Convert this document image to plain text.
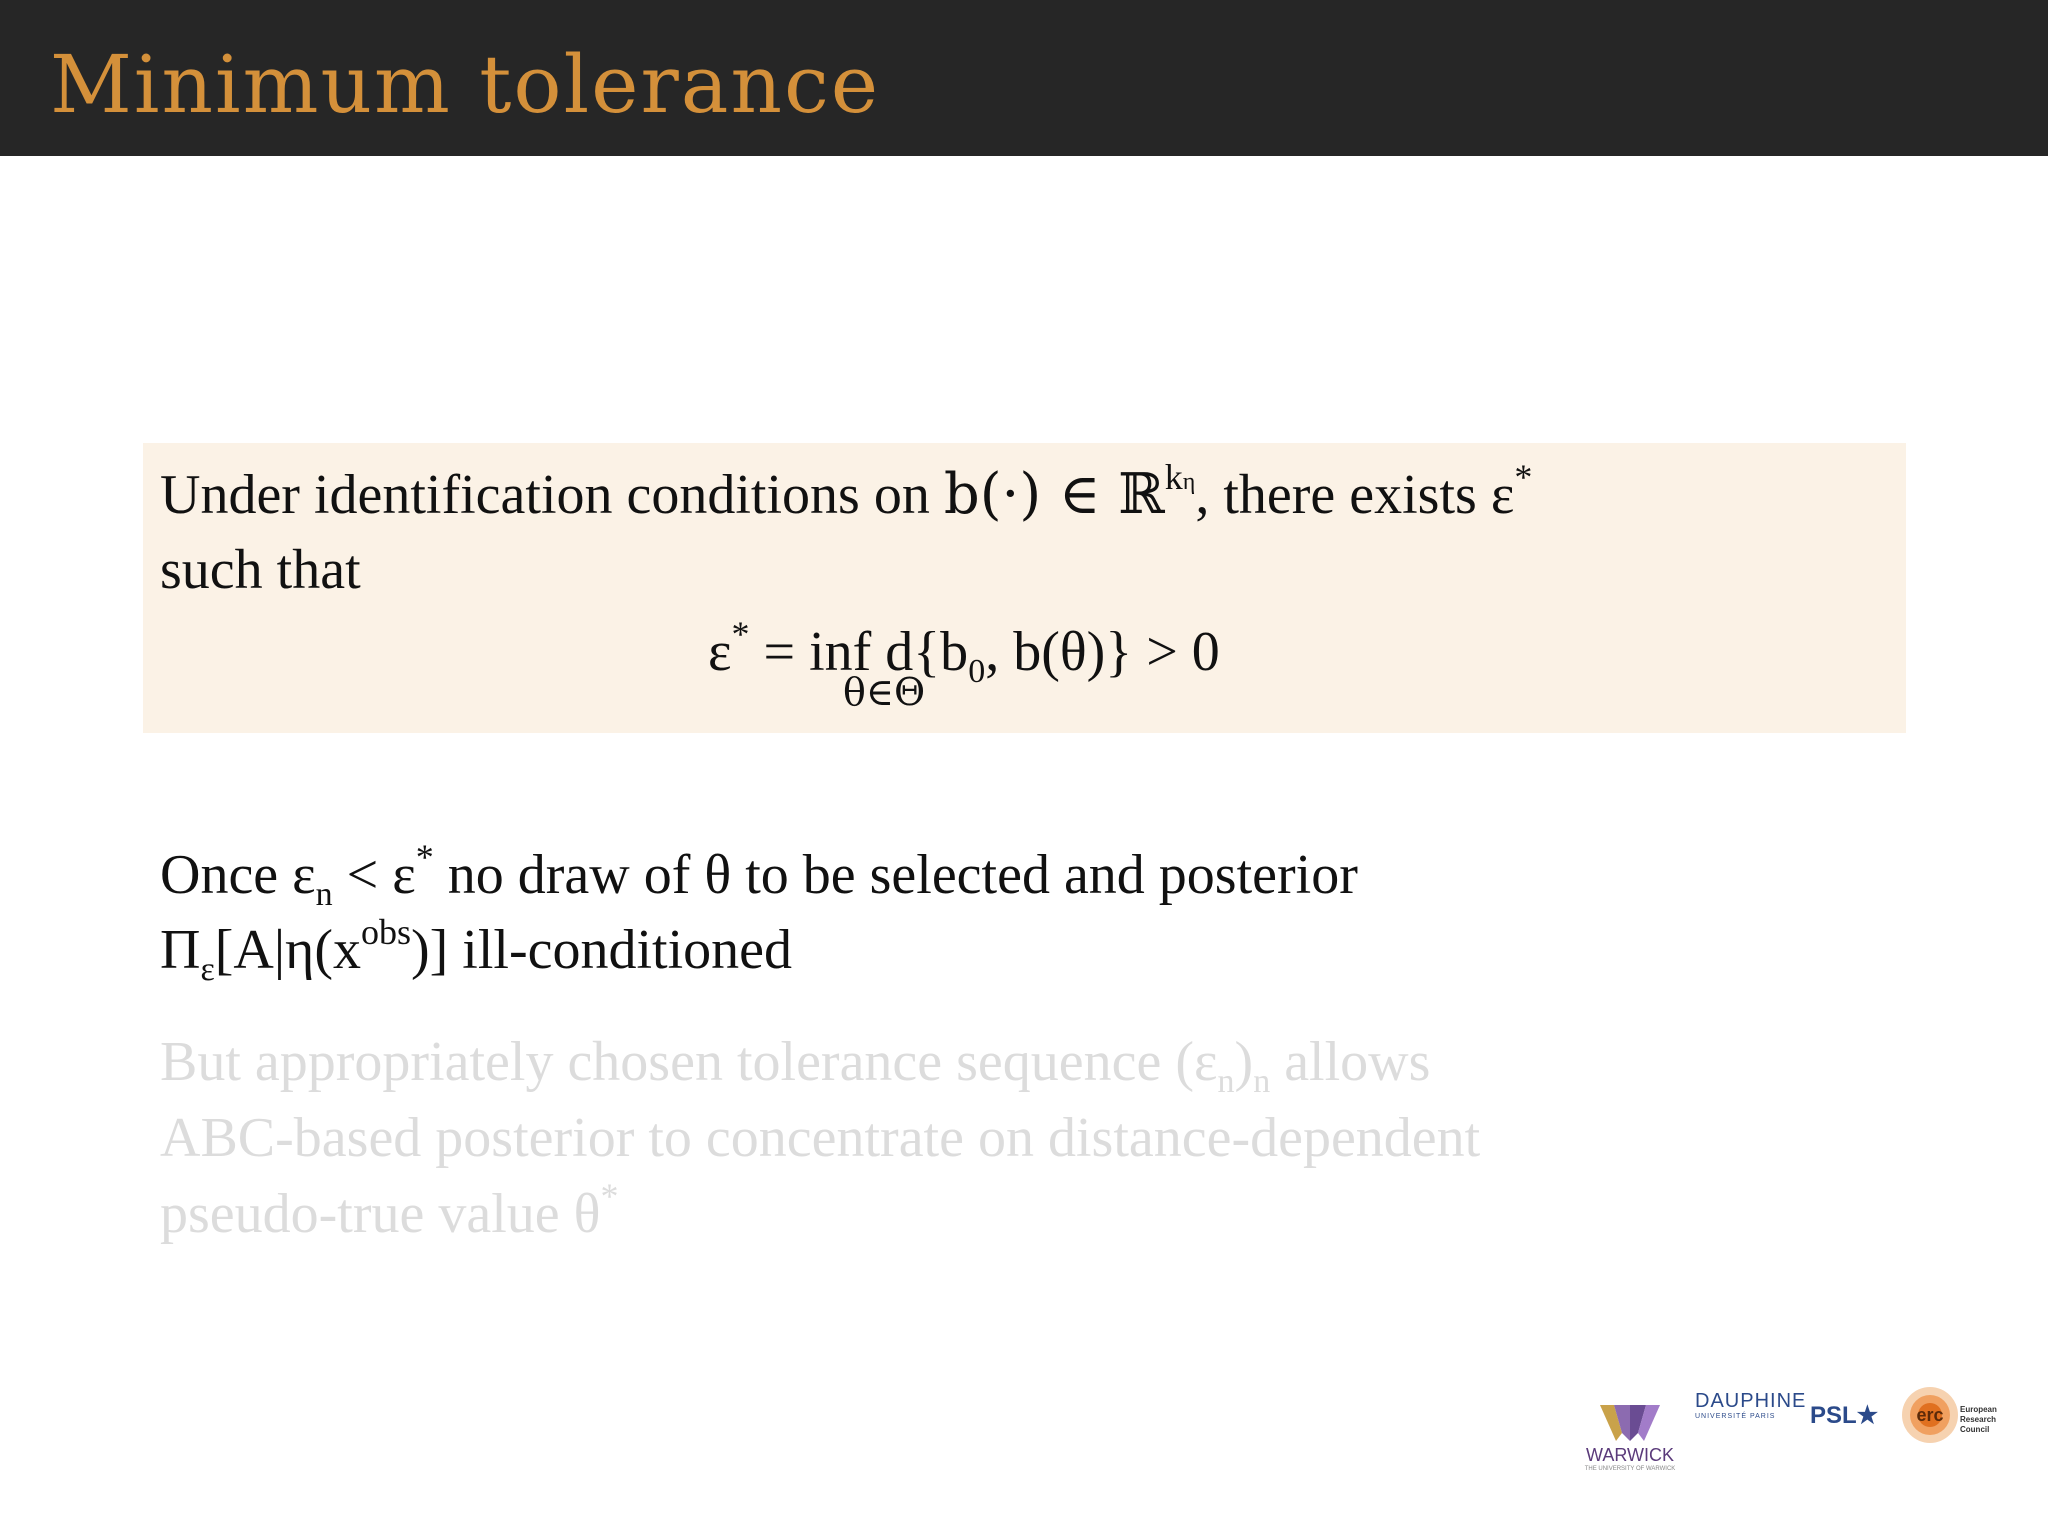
Minimum tolerance
Under identification conditions on b(·) ∈ ℝ$^{k\eta}$, there exists ε*
such that
ε* = inf $d\{b_0$, b(θ)} > 0
θ∈Θ
Once $\varepsilon_n < \varepsilon^*$ no draw of θ to be selected and posterior
$\Pi_\varepsilon[A|\eta(x^{obs})]$ ill-conditioned
But appropriately chosen tolerance sequence $(\varepsilon_n)_n$ allows
ABC-based posterior to concentrate on distance-dependent
pseudo-true value θ*
WARWICK
THE UNIVERSITY OF WARWICK
DAUPHINE
UNIVERSITÉ PARIS	PSL★ erc European
Research
Council
